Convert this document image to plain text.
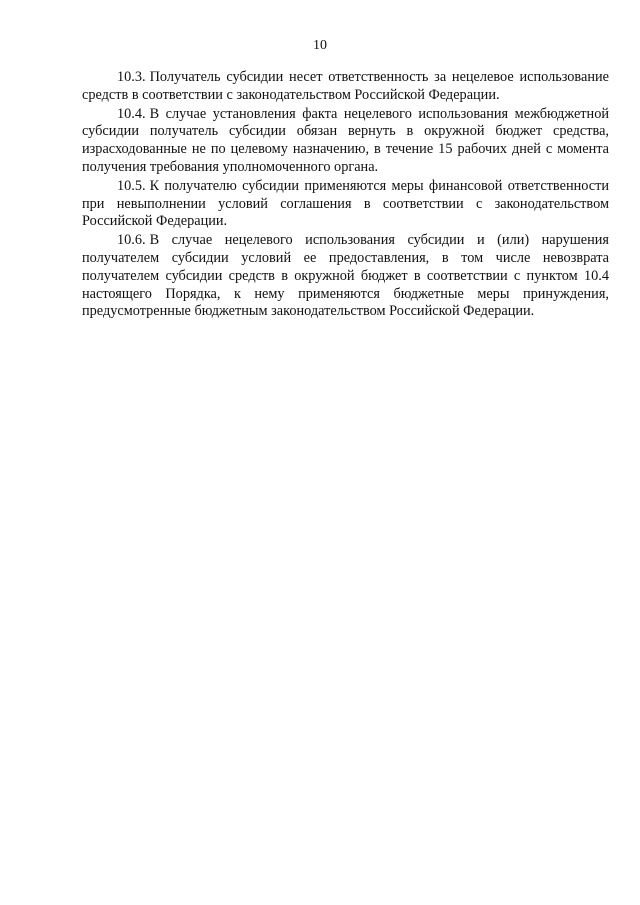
10

10.3. Получатель субсидии несет ответственность за нецелевое использование средств в соответствии с законодательством Российской Федерации.

10.4. В случае установления факта нецелевого использования межбюджетной субсидии получатель субсидии обязан вернуть в окружной бюджет средства, израсходованные не по целевому назначению, в течение 15 рабочих дней с момента получения требования уполномоченного органа.

10.5. К получателю субсидии применяются меры финансовой ответственности при невыполнении условий соглашения в соответствии с законодательством Российской Федерации.

10.6. В случае нецелевого использования субсидии и (или) нарушения получателем субсидии условий ее предоставления, в том числе невозврата получателем субсидии средств в окружной бюджет в соответствии с пунктом 10.4 настоящего Порядка, к нему применяются бюджетные меры принуждения, предусмотренные бюджетным законодательством Российской Федерации.
